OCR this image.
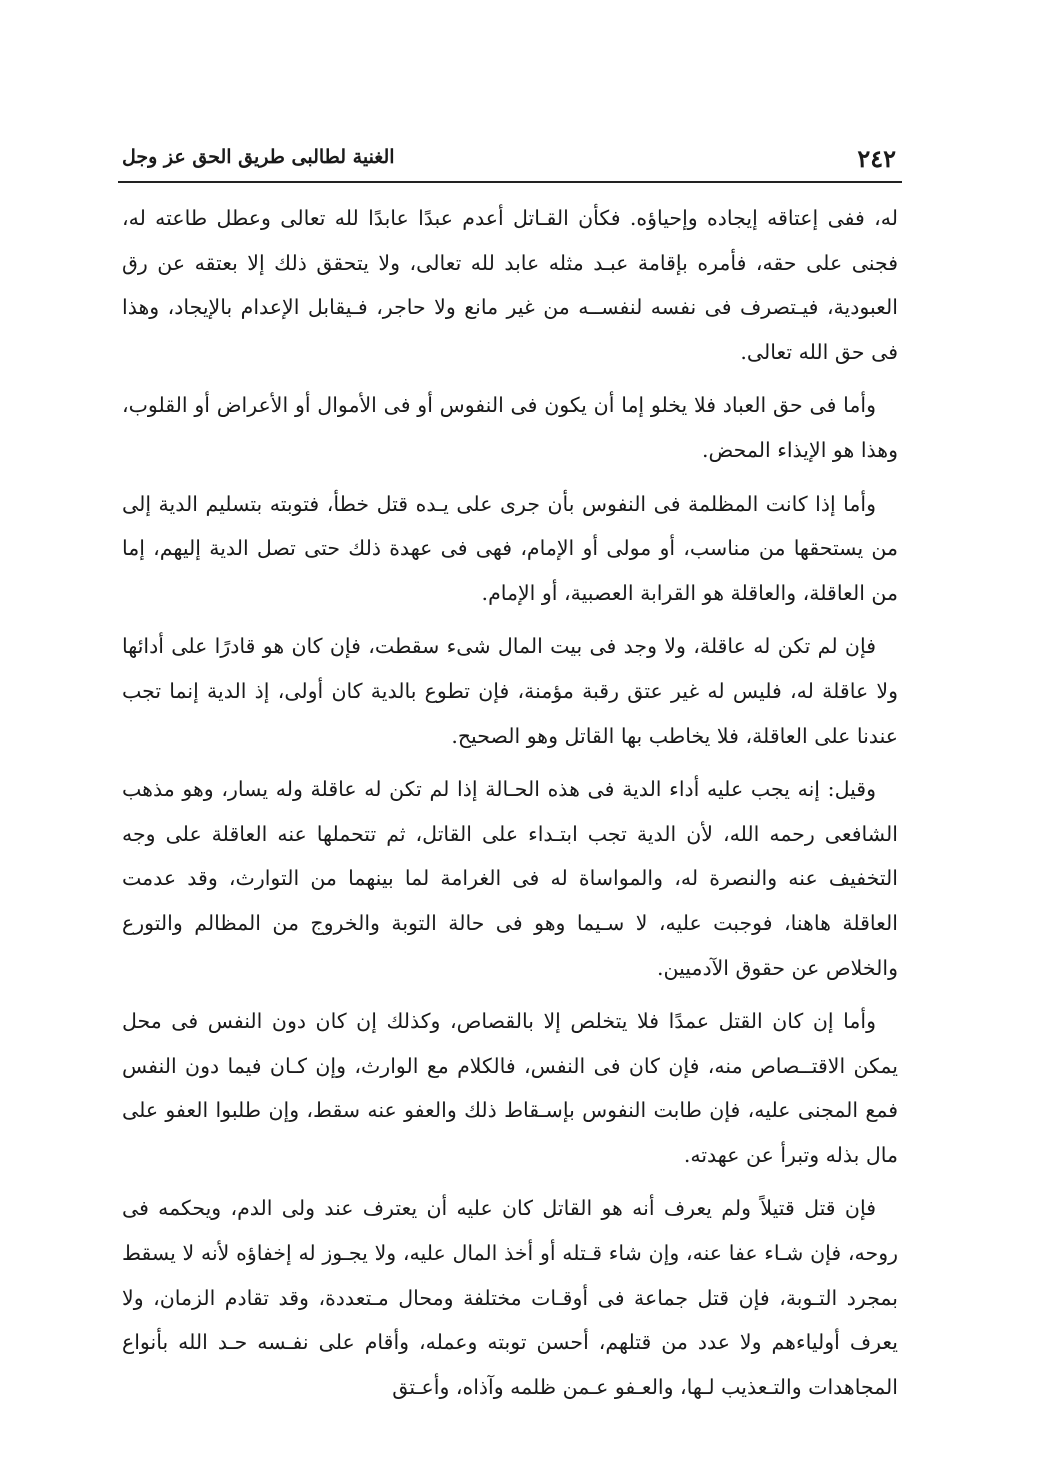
٢٤٢
الغنية لطالبى طريق الحق عز وجل

له، ففى إعتاقه إيجاده وإحياؤه. فكأن القـاتل أعدم عبدًا عابدًا لله تعالى وعطل طاعته له، فجنى على حقه، فأمره بإقامة عبـد مثله عابد لله تعالى، ولا يتحقق ذلك إلا بعتقه عن رق العبودية، فيـتصرف فى نفسه لنفســه من غير مانع ولا حاجر، فـيقابل الإعدام بالإيجاد، وهذا فى حق الله تعالى.

وأما فى حق العباد فلا يخلو إما أن يكون فى النفوس أو فى الأموال أو الأعراض أو القلوب، وهذا هو الإيذاء المحض.

وأما إذا كانت المظلمة فى النفوس بأن جرى على يـده قتل خطأ، فتوبته بتسليم الدية إلى من يستحقها من مناسب، أو مولى أو الإمام، فهى فى عهدة ذلك حتى تصل الدية إليهم، إما من العاقلة، والعاقلة هو القرابة العصبية، أو الإمام.

فإن لم تكن له عاقلة، ولا وجد فى بيت المال شىء سقطت، فإن كان هو قادرًا على أدائها ولا عاقلة له، فليس له غير عتق رقبة مؤمنة، فإن تطوع بالدية كان أولى، إذ الدية إنما تجب عندنا على العاقلة، فلا يخاطب بها القاتل وهو الصحيح.

وقيل: إنه يجب عليه أداء الدية فى هذه الحـالة إذا لم تكن له عاقلة وله يسار، وهو مذهب الشافعى رحمه الله، لأن الدية تجب ابتـداء على القاتل، ثم تتحملها عنه العاقلة على وجه التخفيف عنه والنصرة له، والمواساة له فى الغرامة لما بينهما من التوارث، وقد عدمت العاقلة هاهنا، فوجبت عليه، لا سـيما وهو فى حالة التوبة والخروج من المظالم والتورع والخلاص عن حقوق الآدميين.

وأما إن كان القتل عمدًا فلا يتخلص إلا بالقصاص، وكذلك إن كان دون النفس فى محل يمكن الاقتــصاص منه، فإن كان فى النفس، فالكلام مع الوارث، وإن كـان فيما دون النفس فمع المجنى عليه، فإن طابت النفوس بإسـقاط ذلك والعفو عنه سقط، وإن طلبوا العفو على مال بذله وتبرأ عن عهدته.

فإن قتل قتيلاً ولم يعرف أنه هو القاتل كان عليه أن يعترف عند ولى الدم، ويحكمه فى روحه، فإن شـاء عفا عنه، وإن شاء قـتله أو أخذ المال عليه، ولا يجـوز له إخفاؤه لأنه لا يسقط بمجرد التـوبة، فإن قتل جماعة فى أوقـات مختلفة ومحال مـتعددة، وقد تقادم الزمان، ولا يعرف أولياءهم ولا عدد من قتلهم، أحسن توبته وعمله، وأقام على نفـسه حـد الله بأنواع المجاهدات والتـعذيب لـها، والعـفو عـمن ظلمه وآذاه، وأعـتق
